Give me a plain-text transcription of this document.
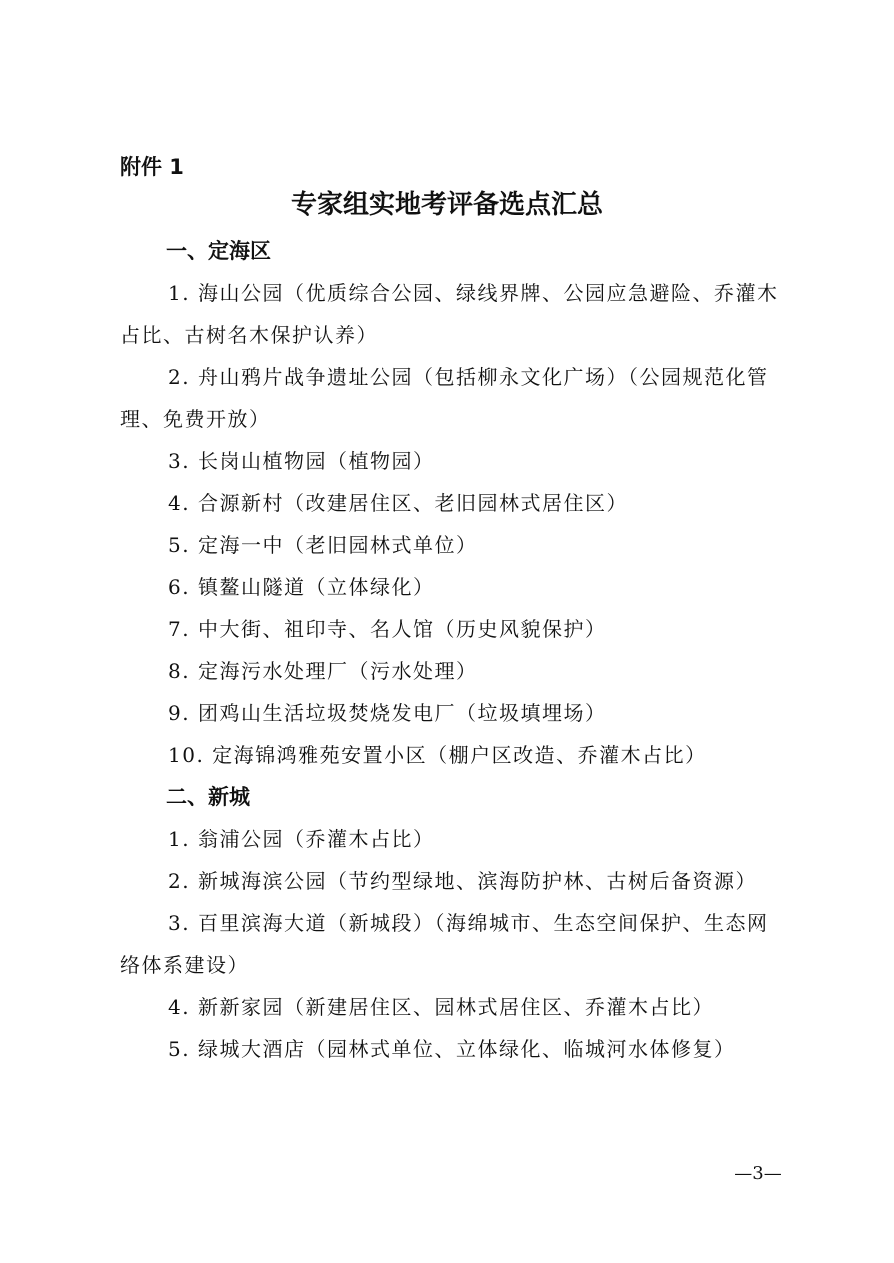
附件 1

专家组实地考评备选点汇总
一、定海区

1. 海山公园（优质综合公园、绿线界牌、公园应急避险、乔灌木占比、古树名木保护认养）

2. 舟山鸦片战争遗址公园（包括柳永文化广场）（公园规范化管理、免费开放）

3. 长岗山植物园（植物园）

4. 合源新村（改建居住区、老旧园林式居住区）

5. 定海一中（老旧园林式单位）

6. 镇鳌山隧道（立体绿化）

7. 中大街、祖印寺、名人馆（历史风貌保护）

8. 定海污水处理厂（污水处理）

9. 团鸡山生活垃圾焚烧发电厂（垃圾填埋场）

10. 定海锦鸿雅苑安置小区（棚户区改造、乔灌木占比）

二、新城

1. 翁浦公园（乔灌木占比）

2. 新城海滨公园（节约型绿地、滨海防护林、古树后备资源）

3. 百里滨海大道（新城段）（海绵城市、生态空间保护、生态网络体系建设）

4. 新新家园（新建居住区、园林式居住区、乔灌木占比）

5. 绿城大酒店（园林式单位、立体绿化、临城河水体修复）

—3—
